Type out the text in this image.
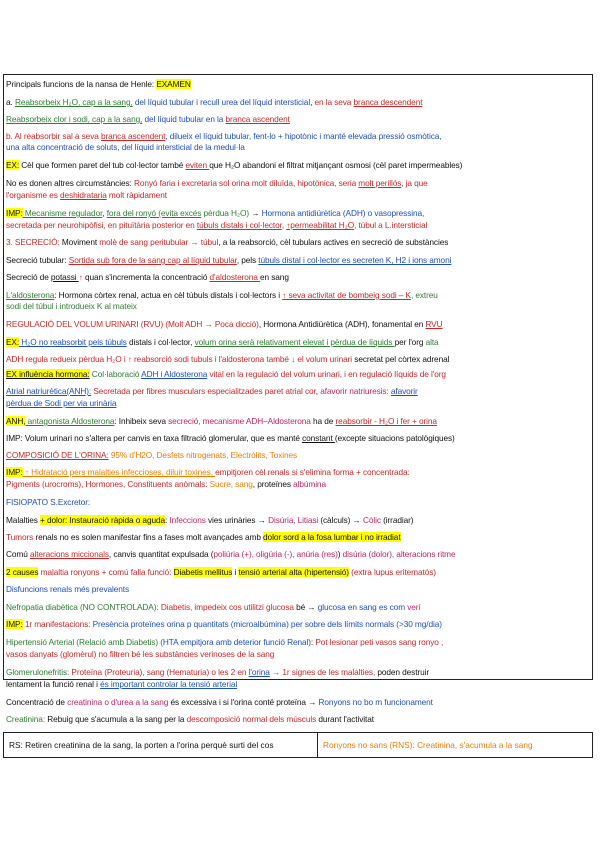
Principals funcions de la nansa de Henle: EXAMEN
a. Reabsorbeix H₂O, cap a la sang, del líquid tubular i recull urea del líquid intersticial, en la seva branca descendent
Reabsorbeix clor i sodi, cap a la sang, del líquid tubular en la branca ascendent
b. Al reabsorbir sal a seva branca ascendent, dilueix el líquid tubular, fent-lo + hipotònic i manté elevada pressió osmòtica,
una alta concentració de soluts, del líquid intersticial de la medul·la
EX: Cèl que formen paret del tub col·lector també eviten que H₂O abandoni el filtrat mitjançant osmosi (cèl paret impermeables)
No es donen altres circumstàncies: Ronyó faria i excretaria sol orina molt diluïda, hipotònica, seria molt perillós, ja que
l'organisme es deshidrataria molt ràpidament
IMP: Mecanisme regulador, fora del ronyó (evita excés pèrdua H₂O) → Hormona antidiürètica (ADH) o vasopressina,
secretada per neurohipòfisi, en pituïtària posterior en túbuls distals i col·lector, ↑permeabilitat H₂O, túbul a L.intersticial
3. SECRECIÓ: Moviment molè de sang peritubular → túbul, a la reabsorció, cèl tubulars actives en secreció de substàncies
Secreció tubular: Sortida sub fora de la sang cap al líquid tubular, pels túbuls distal i col·lector es secreten K, H2 i ions amoni
Secreció de potassi ↑ quan s'incrementa la concentració d'aldosterona en sang
L'aldosterona: Hormona còrtex renal, actua en cèl túbuls distals i col·lectors i ↑ seva activitat de bombeig sodi – K, extreu
sodi del túbul i introdueix K al mateix
REGULACIÓ DEL VOLUM URINARI (RVU) (Molt ADH → Poca dicció), Hormona Antidiürètica (ADH), fonamental en RVU
EX: H₂O no reabsorbit pels túbuls distals i col·lector, volum orina serà relativament elevat i pèrdua de líquids per l'org alta
ADH regula redueix pèrdua H₂O i ↑ reabsorció sodi tubuls i l'aldosterona també ↓ el volum urinari secretat pel còrtex adrenal
EX influència hormona: Col·laboració ADH i Aldosterona vital en la regulació del volum urinari, i en regulació líquids de l'org
Atrial natriurètica(ANH): Secretada per fibres musculars especialitzades paret atrial cor, afavorir natriuresis: afavorir
pèrdua de Sodi per via urinària
ANH, antagonista Aldosterona: Inhibeix seva secreció, mecanisme ADH–Aldosterona ha de reabsorbir - H₂O i fer + orina
IMP: Volum urinari no s'altera per canvis en taxa filtració glomerular, que es manté constant (excepte situacions patològiques)
COMPOSICIÓ DE L'ORINA: 95% d'H2O, Desfets nitrogenats, Electròlits, Toxines
IMP: ↑ Hidratació pers malalties infeccioses, diluir toxines, empitjoren cèl renals si s'elimina forma + concentrada:
Pigments (urocroms), Hormones, Constituents anòmals: Sucre, sang, proteïnes albúmina
FISIOPATO S.Excretor:
Malalties + dolor: Instauració ràpida o aguda: Infeccions vies urinàries → Disúria, Litiasi (càlculs) → Còlic (irradiar)
Tumors renals no es solen manifestar fins a fases molt avançades amb dolor sord a la fosa lumbar i no irradiat
Comú alteracions miccionals, canvis quantitat expulsada (poliúria (+), oligúria (-), anúria (res)) disúria (dolor), alteracions ritme
2 causes malaltia ronyons + comú falla funció: Diabetis mellitus i tensió arterial alta (hipertensió) (extra lupus eritematós)
Disfuncions renals més prevalents
Nefropatia diabètica (NO CONTROLADA): Diabetis, impedeix cos utilitzi glucosa bé → glucosa en sang es com verí
IMP: 1r manifestacions: Presència proteïnes orina p quantitats (microalbúmina) per sobre dels límits normals (>30 mg/dia)
Hipertensió Arterial (Relació amb Diabetis) (HTA empitjora amb deterior funció Renal): Pot lesionar peti vasos sang ronyo ,
vasos danyats (glomèrul) no filtren bé les substàncies verinoses de la sang
Glomerulonefritis: Proteïna (Proteuria), sang (Hematuria) o les 2 en l'orina → 1r signes de les malalties, poden destruir
lentament la funció renal i és important controlar la tensió arterial
Concentració de creatinina o d'urea a la sang és excessiva i si l'orina conté proteïna → Ronyons no bo m funcionament
Creatinina: Rebuig que s'acumula a la sang per la descomposició normal dels músculs durant l'activitat
RS: Retiren creatinina de la sang, la porten a l'orina perquè surti del cos	Ronyons no sans (RNS): Creatinina, s'acumula a la sang
